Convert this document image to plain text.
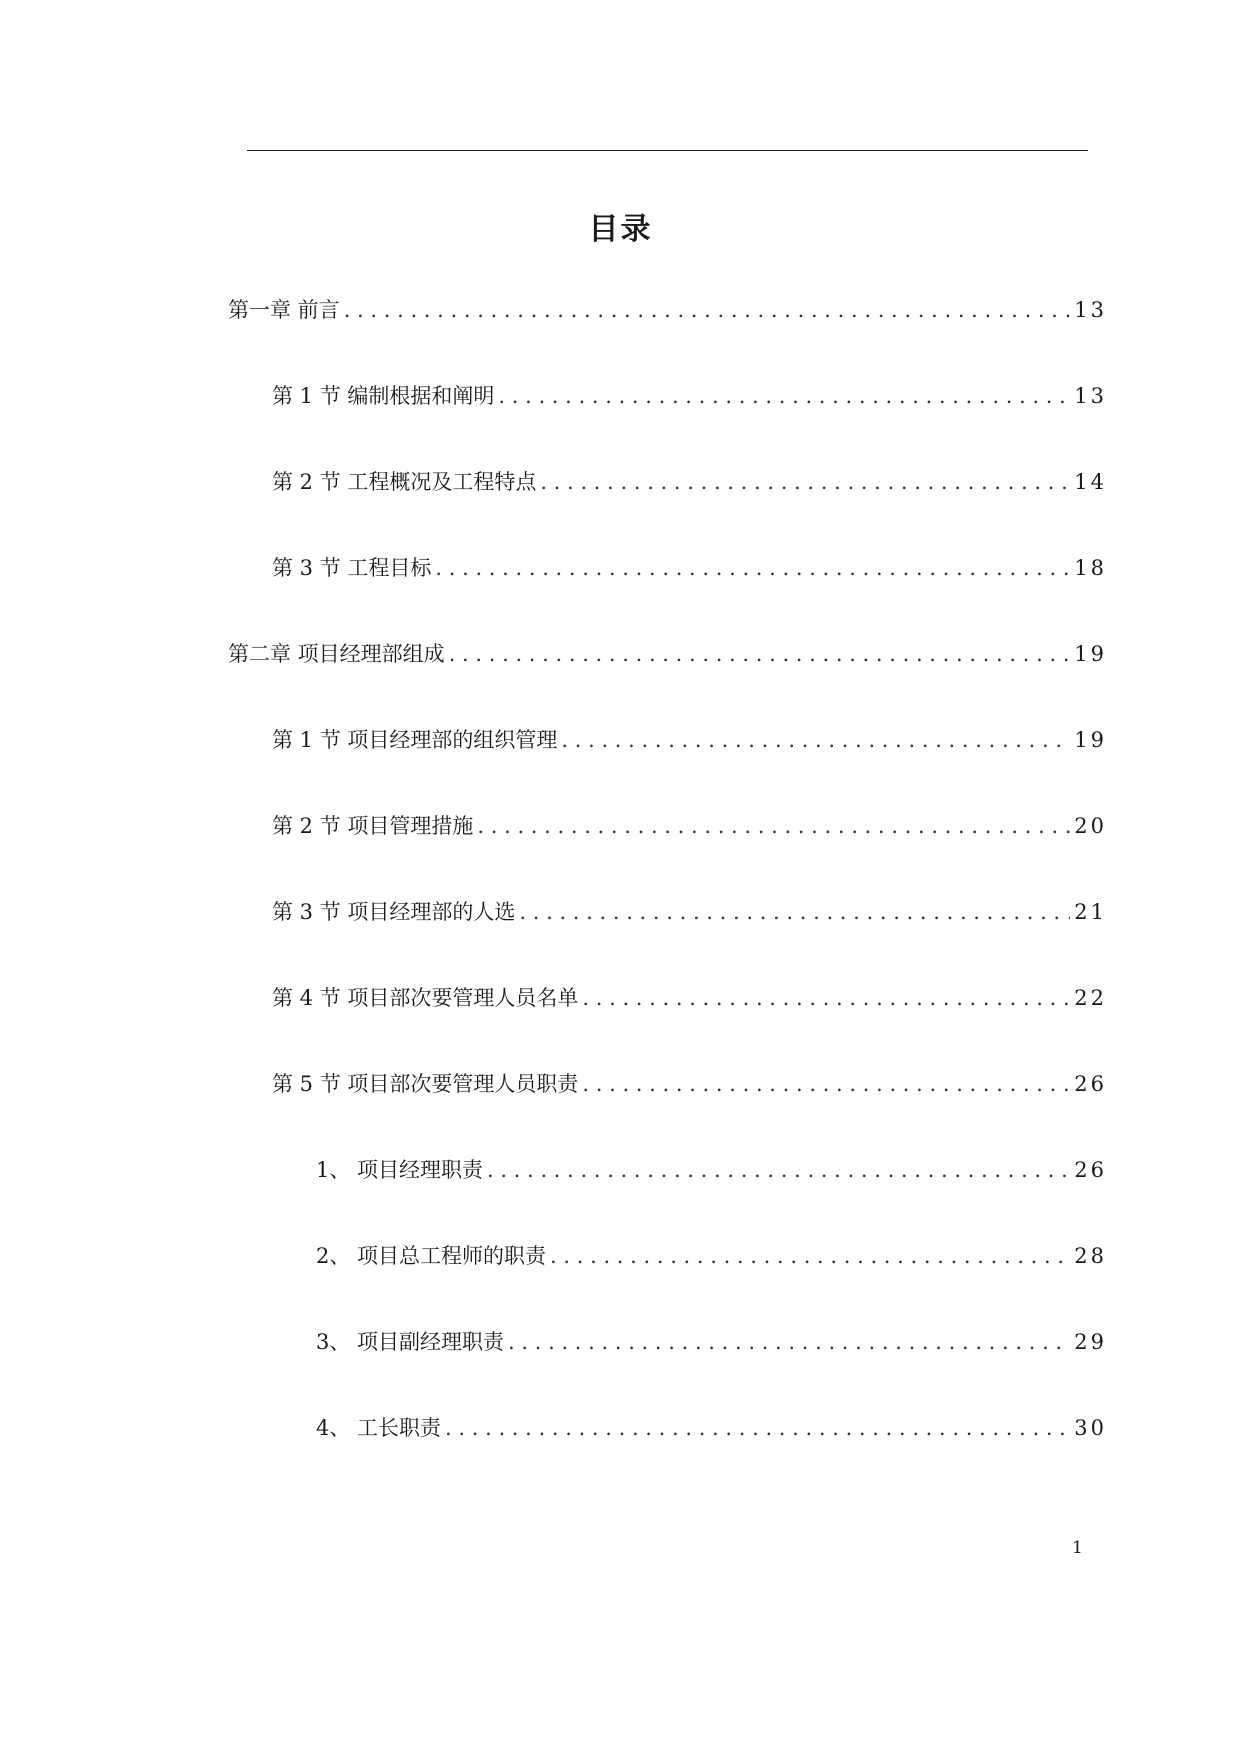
目录
第一章 前言 . . .	13
第 1 节 编制根据和阐明 . . .	13
第 2 节 工程概况及工程特点 . . .	14
第 3 节 工程目标 . . .	18
第二章 项目经理部组成 . . .	19
第 1 节 项目经理部的组织管理 . . .	19
第 2 节 项目管理措施 . . .	20
第 3 节 项目经理部的人选 . . .	21
第 4 节 项目部次要管理人员名单 . . .	22
第 5 节 项目部次要管理人员职责 . . .	26
1、 项目经理职责 . . .	26
2、 项目总工程师的职责 . . .	28
3、 项目副经理职责 . . .	29
4、 工长职责 . . .	30
1
